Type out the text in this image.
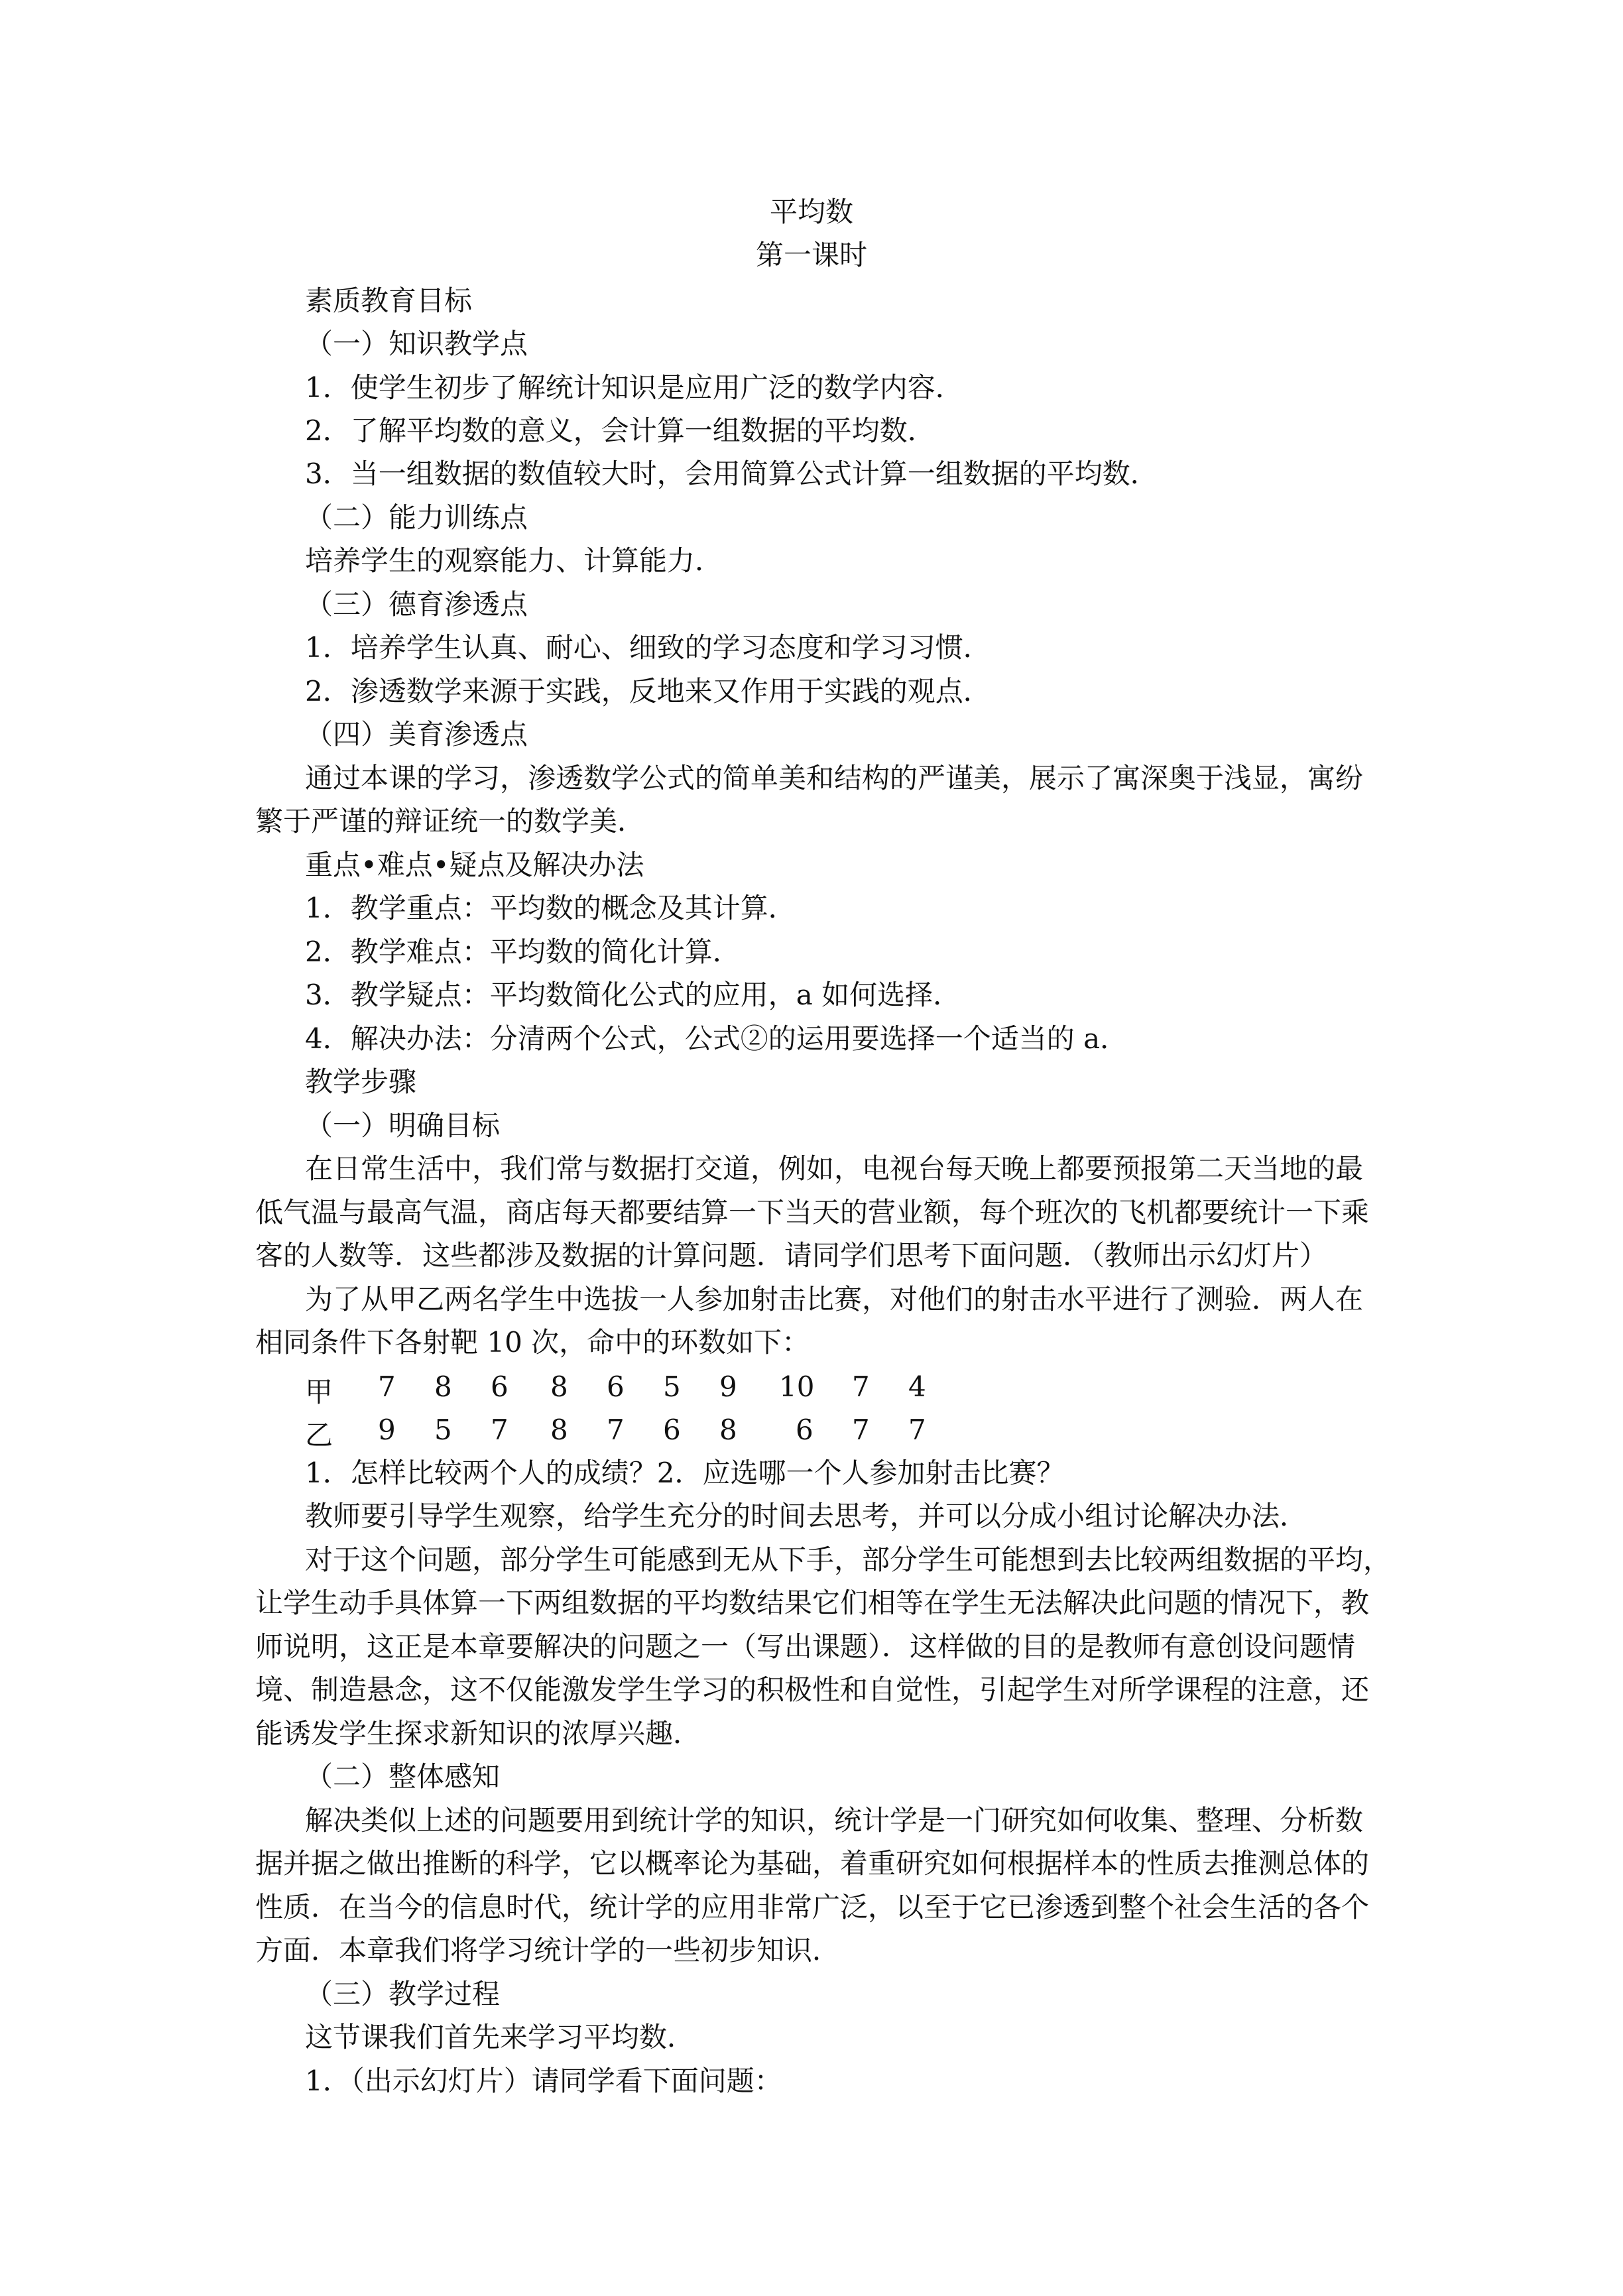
平均数
第一课时
素质教育目标
（一）知识教学点
1．使学生初步了解统计知识是应用广泛的数学内容．
2．了解平均数的意义，会计算一组数据的平均数．
3．当一组数据的数值较大时，会用简算公式计算一组数据的平均数．
（二）能力训练点
培养学生的观察能力、计算能力．
（三）德育渗透点
1．培养学生认真、耐心、细致的学习态度和学习习惯．
2．渗透数学来源于实践，反地来又作用于实践的观点．
（四）美育渗透点
通过本课的学习，渗透数学公式的简单美和结构的严谨美，展示了寓深奥于浅显，寓纷
繁于严谨的辩证统一的数学美．
重点•难点•疑点及解决办法
1．教学重点：平均数的概念及其计算．
2．教学难点：平均数的简化计算．
3．教学疑点：平均数简化公式的应用，a 如何选择．
4．解决办法：分清两个公式，公式②的运用要选择一个适当的 a．
教学步骤
（一）明确目标
在日常生活中，我们常与数据打交道，例如，电视台每天晚上都要预报第二天当地的最
低气温与最高气温，商店每天都要结算一下当天的营业额，每个班次的飞机都要统计一下乘
客的人数等．这些都涉及数据的计算问题．请同学们思考下面问题．（教师出示幻灯片）
为了从甲乙两名学生中选拔一人参加射击比赛，对他们的射击水平进行了测验．两人在
相同条件下各射靶 10 次，命中的环数如下：
甲 7 8 6 8 6 5 9 10 7 4
乙 9 5 7 8 7 6 8 6 7 7
1．怎样比较两个人的成绩？2．应选哪一个人参加射击比赛？
教师要引导学生观察，给学生充分的时间去思考，并可以分成小组讨论解决办法．
对于这个问题，部分学生可能感到无从下手，部分学生可能想到去比较两组数据的平均，
让学生动手具体算一下两组数据的平均数结果它们相等在学生无法解决此问题的情况下，教
师说明，这正是本章要解决的问题之一（写出课题）．这样做的目的是教师有意创设问题情
境、制造悬念，这不仅能激发学生学习的积极性和自觉性，引起学生对所学课程的注意，还
能诱发学生探求新知识的浓厚兴趣．
（二）整体感知
解决类似上述的问题要用到统计学的知识，统计学是一门研究如何收集、整理、分析数
据并据之做出推断的科学，它以概率论为基础，着重研究如何根据样本的性质去推测总体的
性质．在当今的信息时代，统计学的应用非常广泛，以至于它已渗透到整个社会生活的各个
方面．本章我们将学习统计学的一些初步知识．
（三）教学过程
这节课我们首先来学习平均数．
1．（出示幻灯片）请同学看下面问题：
